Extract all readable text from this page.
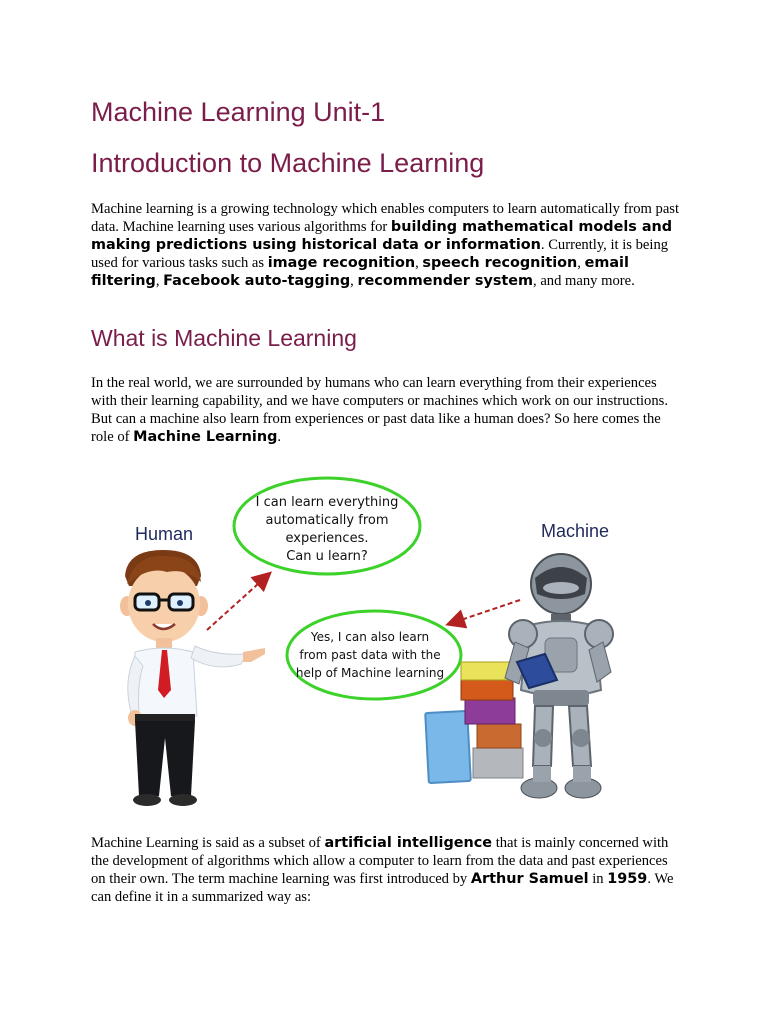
Machine Learning Unit-1
Introduction to Machine Learning

Machine learning is a growing technology which enables computers to learn automatically from past data. Machine learning uses various algorithms for building mathematical models and making predictions using historical data or information. Currently, it is being used for various tasks such as image recognition, speech recognition, email filtering, Facebook auto-tagging, recommender system, and many more.

What is Machine Learning

In the real world, we are surrounded by humans who can learn everything from their experiences with their learning capability, and we have computers or machines which work on our instructions. But can a machine also learn from experiences or past data like a human does? So here comes the role of Machine Learning.

Human	Machine
I can learn everything
automatically from
experiences.
Can u learn?
Yes, I can also learn
from past data with the
help of Machine learning

Machine Learning is said as a subset of artificial intelligence that is mainly concerned with the development of algorithms which allow a computer to learn from the data and past experiences on their own. The term machine learning was first introduced by Arthur Samuel in 1959. We can define it in a summarized way as:
